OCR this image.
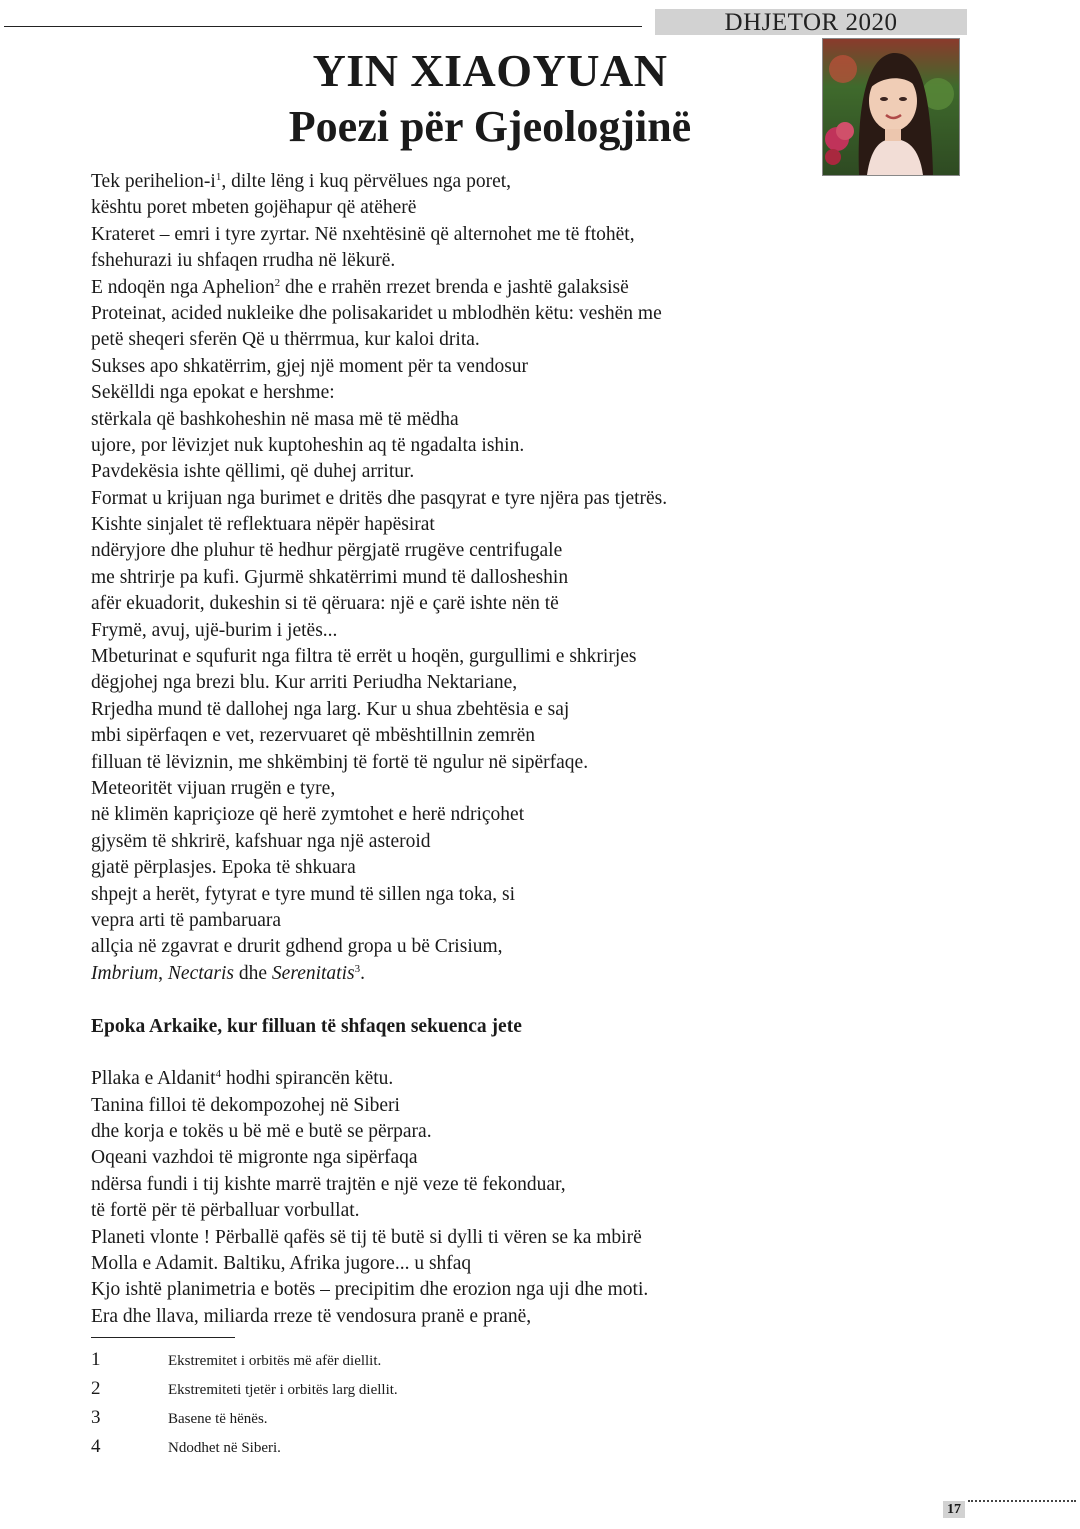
DHJETOR 2020
YIN XIAOYUAN
Poezi për Gjeologjinë
Tek perihelion-$i^1$, dilte lëng i kuq përvëlues nga poret,
kështu poret mbeten gojëhapur që atëherë
Krateret – emri i tyre zyrtar. Në nxehtësinë që alternohet me të ftohët,
fshehurazi iu shfaqen rrudha në lëkurë.
E ndoqën nga Aphelion$^2$ dhe e rrahën rrezet brenda e jashtë galaksisë
Proteinat, acided nukleike dhe polisakaridet u mblodhën këtu: veshën me
petë sheqeri sferën Që u thërrmua, kur kaloi drita.
Sukses apo shkatërrim, gjej një moment për ta vendosur
Sekëlldi nga epokat e hershme:
stërkala që bashkoheshin në masa më të mëdha
ujore, por lëvizjet nuk kuptoheshin aq të ngadalta ishin.
Pavdekësia ishte qëllimi, që duhej arritur.
Format u krijuan nga burimet e dritës dhe pasqyrat e tyre njëra pas tjetrës.
Kishte sinjalet të reflektuara nëpër hapësirat
ndëryjore dhe pluhur të hedhur përgjatë rrugëve centrifugale
me shtrirje pa kufi. Gjurmë shkatërrimi mund të dallosheshin
afër ekuadorit, dukeshin si të qëruara: një e çarë ishte nën të
Frymë, avuj, ujë-burim i jetës...
Mbeturinat e squfurit nga filtra të errët u hoqën, gurgullimi e shkrirjes
dëgjohej nga brezi blu. Kur arriti Periudha Nektariane,
Rrjedha mund të dallohej nga larg. Kur u shua zbehtësia e saj
mbi sipërfaqen e vet, rezervuaret që mbështillnin zemrën
filluan të lëviznin, me shkëmbinj të fortë të ngulur në sipërfaqe.
Meteoritët vijuan rrugën e tyre,
në klimën kapriçioze që herë zymtohet e herë ndriçohet
gjysëm të shkrirë, kafshuar nga një asteroid
gjatë përplasjes. Epoka të shkuara
shpejt a herët, fytyrat e tyre mund të sillen nga toka, si
vepra arti të pambaruara
allçia në zgavrat e drurit gdhend gropa u bë Crisium,
Imbrium, Nectaris dhe Serenitatis$^3$.
Epoka Arkaike, kur filluan të shfaqen sekuenca jete
Pllaka e Aldanit$^4$ hodhi spirancën këtu.
Tanina filloi të dekompozohej në Siberi
dhe korja e tokës u bë më e butë se përpara.
Oqeani vazhdoi të migronte nga sipërfaqa
ndërsa fundi i tij kishte marrë trajtën e një veze të fekonduar,
të fortë për të përballuar vorbullat.
Planeti vlonte ! Përballë qafës së tij të butë si dylli ti vëren se ka mbirë
Molla e Adamit. Baltiku, Afrika jugore... u shfaq
Kjo ishtë planimetria e botës – precipitim dhe erozion nga uji dhe moti.
Era dhe llava, miliarda rreze të vendosura pranë e pranë,
1	Ekstremitet i orbitës më afër diellit.
2	Ekstremiteti tjetër i orbitës larg diellit.
3	Basene të hënës.
4	Ndodhet në Siberi.
17
